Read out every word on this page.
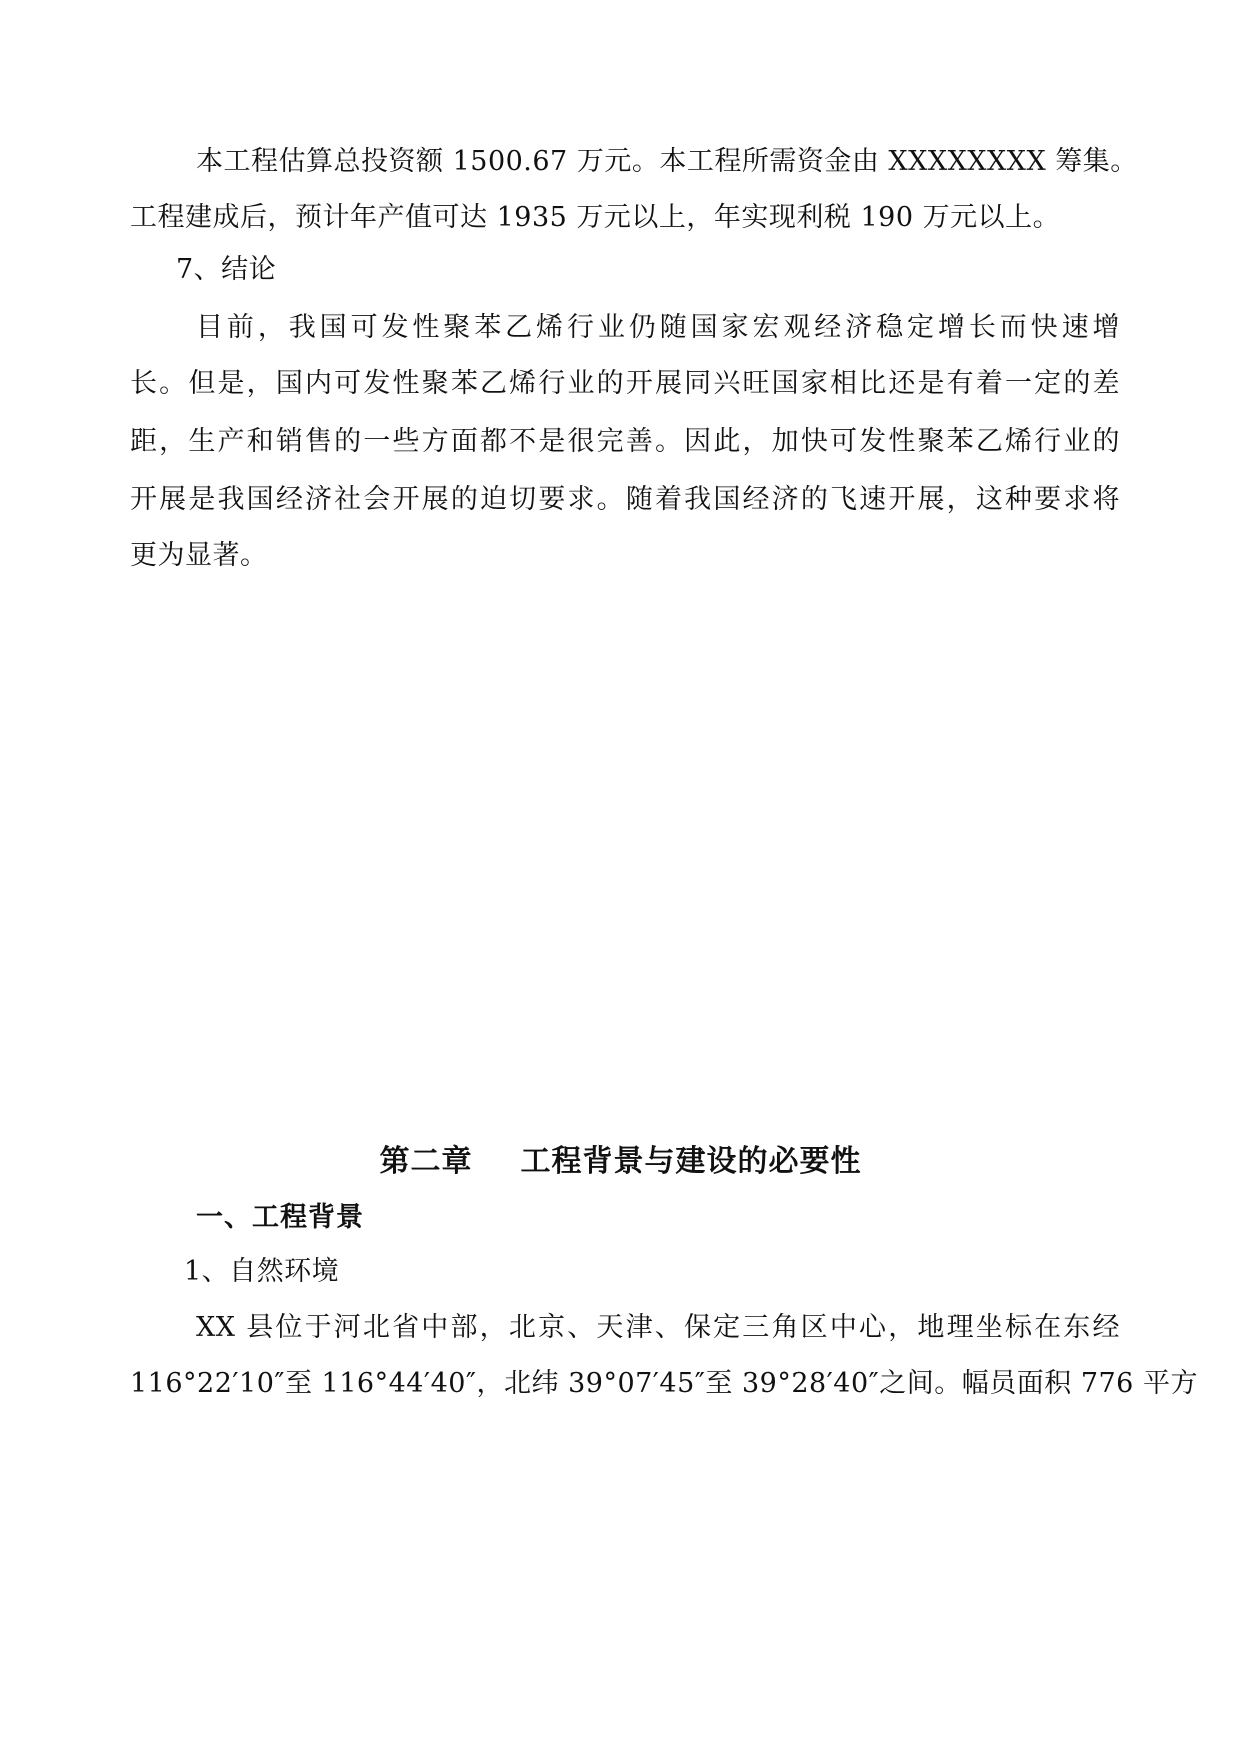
本工程估算总投资额 1500.67 万元。本工程所需资金由 XXXXXXXX 筹集。
工程建成后，预计年产值可达 1935 万元以上，年实现利税 190 万元以上。
7、结论
目前，我国可发性聚苯乙烯行业仍随国家宏观经济稳定增长而快速增
长。但是，国内可发性聚苯乙烯行业的开展同兴旺国家相比还是有着一定的差
距，生产和销售的一些方面都不是很完善。因此，加快可发性聚苯乙烯行业的
开展是我国经济社会开展的迫切要求。随着我国经济的飞速开展，这种要求将
更为显著。
第二章 工程背景与建设的必要性
一、工程背景
1、自然环境
XX 县位于河北省中部，北京、天津、保定三角区中心，地理坐标在东经
116°22′10″至 116°44′40″，北纬 39°07′45″至 39°28′40″之间。幅员面积 776 平方
